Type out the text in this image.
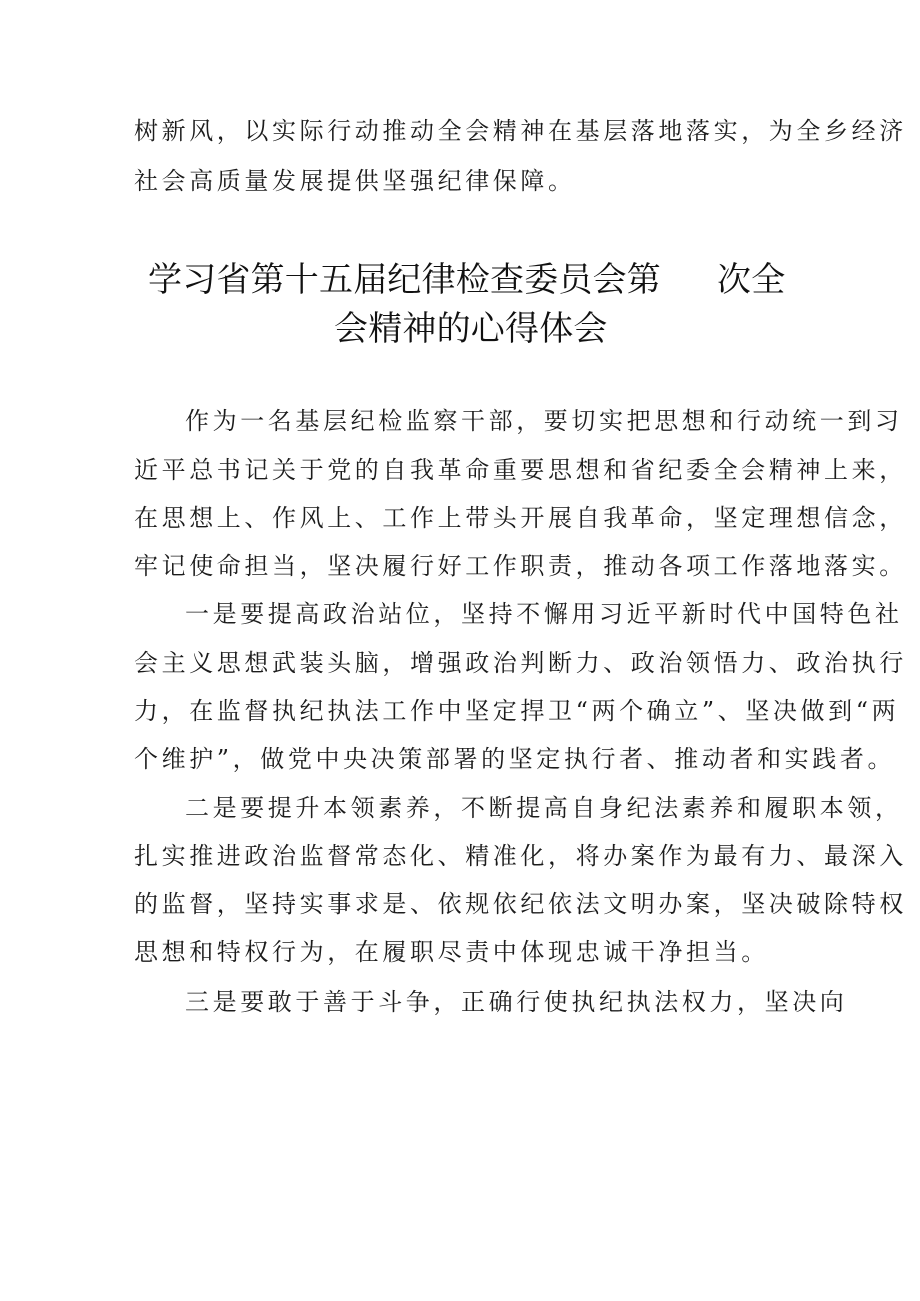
树新风，以实际行动推动全会精神在基层落地落实，为全乡经济
社会高质量发展提供坚强纪律保障。
学习省第十五届纪律检查委员会第 次全
会精神的心得体会
作为一名基层纪检监察干部，要切实把思想和行动统一到习
近平总书记关于党的自我革命重要思想和省纪委全会精神上来，
在思想上、作风上、工作上带头开展自我革命，坚定理想信念，
牢记使命担当，坚决履行好工作职责，推动各项工作落地落实。
一是要提高政治站位，坚持不懈用习近平新时代中国特色社
会主义思想武装头脑，增强政治判断力、政治领悟力、政治执行
力，在监督执纪执法工作中坚定捍卫“两个确立”、坚决做到“两
个维护”，做党中央决策部署的坚定执行者、推动者和实践者。
二是要提升本领素养，不断提高自身纪法素养和履职本领，
扎实推进政治监督常态化、精准化，将办案作为最有力、最深入
的监督，坚持实事求是、依规依纪依法文明办案，坚决破除特权
思想和特权行为，在履职尽责中体现忠诚干净担当。
三是要敢于善于斗争，正确行使执纪执法权力，坚决向
